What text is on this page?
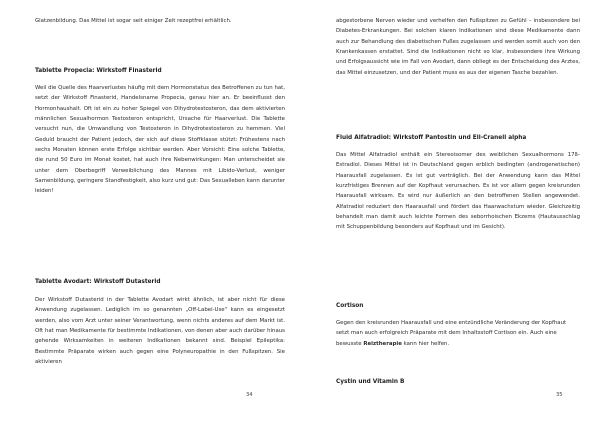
Glatzenbildung. Das Mittel ist sogar seit einiger Zeit rezeptfrei erhältlich.

Tablette Propecia: Wirkstoff Finasterid

Weil die Quelle des Haarverlustes häufig mit dem Hormonstatus des Betroffenen zu tun hat, setzt der Wirkstoff Finasterid, Handelsname Propecia, genau hier an. Er beeinflusst den Hormonhaushalt. Oft ist ein zu hoher Spiegel von Dihydrotestosteron, das dem aktivierten männlichen Sexualhormon Testosteron entspricht, Ursache für Haarverlust. Die Tablette versucht nun, die Umwandlung von Testosteron in Dihydrotestosteron zu hemmen. Viel Geduld braucht der Patient jedoch, der sich auf diese Stoffklasse stützt: Frühestens nach sechs Monaten können erste Erfolge sichtbar werden. Aber Vorsicht: Eine solche Tablette, die rund 50 Euro im Monat kostet, hat auch ihre Nebenwirkungen: Man unterscheidet sie unter dem Oberbegriff Verweiblichung des Mannes mit Libido-Verlust, weniger Samenbildung, geringere Standfestigkeit, also kurz und gut: Das Sexualleben kann darunter leiden!

Tablette Avodart: Wirkstoff Dutasterid

Der Wirkstoff Dutasterid in der Tablette Avodart wirkt ähnlich, ist aber nicht für diese Anwendung zugelassen. Lediglich im so genannten „Off-Label-Use" kann es eingesetzt werden, also vom Arzt unter seiner Verantwortung, wenn nichts anderes auf dem Markt ist. Oft hat man Medikamente für bestimmte Indikationen, von denen aber auch darüber hinaus gehende Wirksamkeiten in weiteren Indikationen bekannt sind. Beispiel Epileptika: Bestimmte Präparate wirken auch gegen eine Polyneuropathie in den Fußspitzen. Sie aktivieren

34

abgestorbene Nerven wieder und verhelfen den Fußspitzen zu Gefühl – insbesondere bei Diabetes-Erkrankungen. Bei solchen klaren Indikationen sind diese Medikamente dann auch zur Behandlung des diabetischen Fußes zugelassen und werden somit auch von den Krankenkassen erstattet. Sind die Indikationen nicht so klar, insbesondere ihre Wirkung und Erfolgsaussicht wie im Fall von Avodart, dann obliegt es der Entscheidung des Arztes, das Mittel einzusetzen, und der Patient muss es aus der eigenen Tasche bezahlen.

Fluid Alfatradiol: Wirkstoff Pantostin und Ell-Cranell alpha

Das Mittel Alfatradiol enthält ein Stereoisomer des weiblichen Sexualhormons 17ß-Estradiol. Dieses Mittel ist in Deutschland gegen erblich bedingten (androgenetischen) Haarausfall zugelassen. Es ist gut verträglich. Bei der Anwendung kann das Mittel kurzfristiges Brennen auf der Kopfhaut verursachen. Es ist vor allem gegen kreisrunden Haarausfall wirksam. Es wird nur äußerlich an den betroffenen Stellen angewendet. Alfatradiol reduziert den Haarausfall und fördert das Haarwachstum wieder. Gleichzeitig behandelt man damit auch leichte Formen des seborrhoischen Ekzems (Hautausschlag mit Schuppenbildung besonders auf Kopfhaut und im Gesicht).

Cortison

Gegen den kreisrunden Haarausfall und eine entzündliche Veränderung der Kopfhaut setzt man auch erfolgreich Präparate mit dem Inhaltsstoff Cortison ein. Auch eine bewusste Reiztherapie kann hier helfen.

Cystin und Vitamin B
35
